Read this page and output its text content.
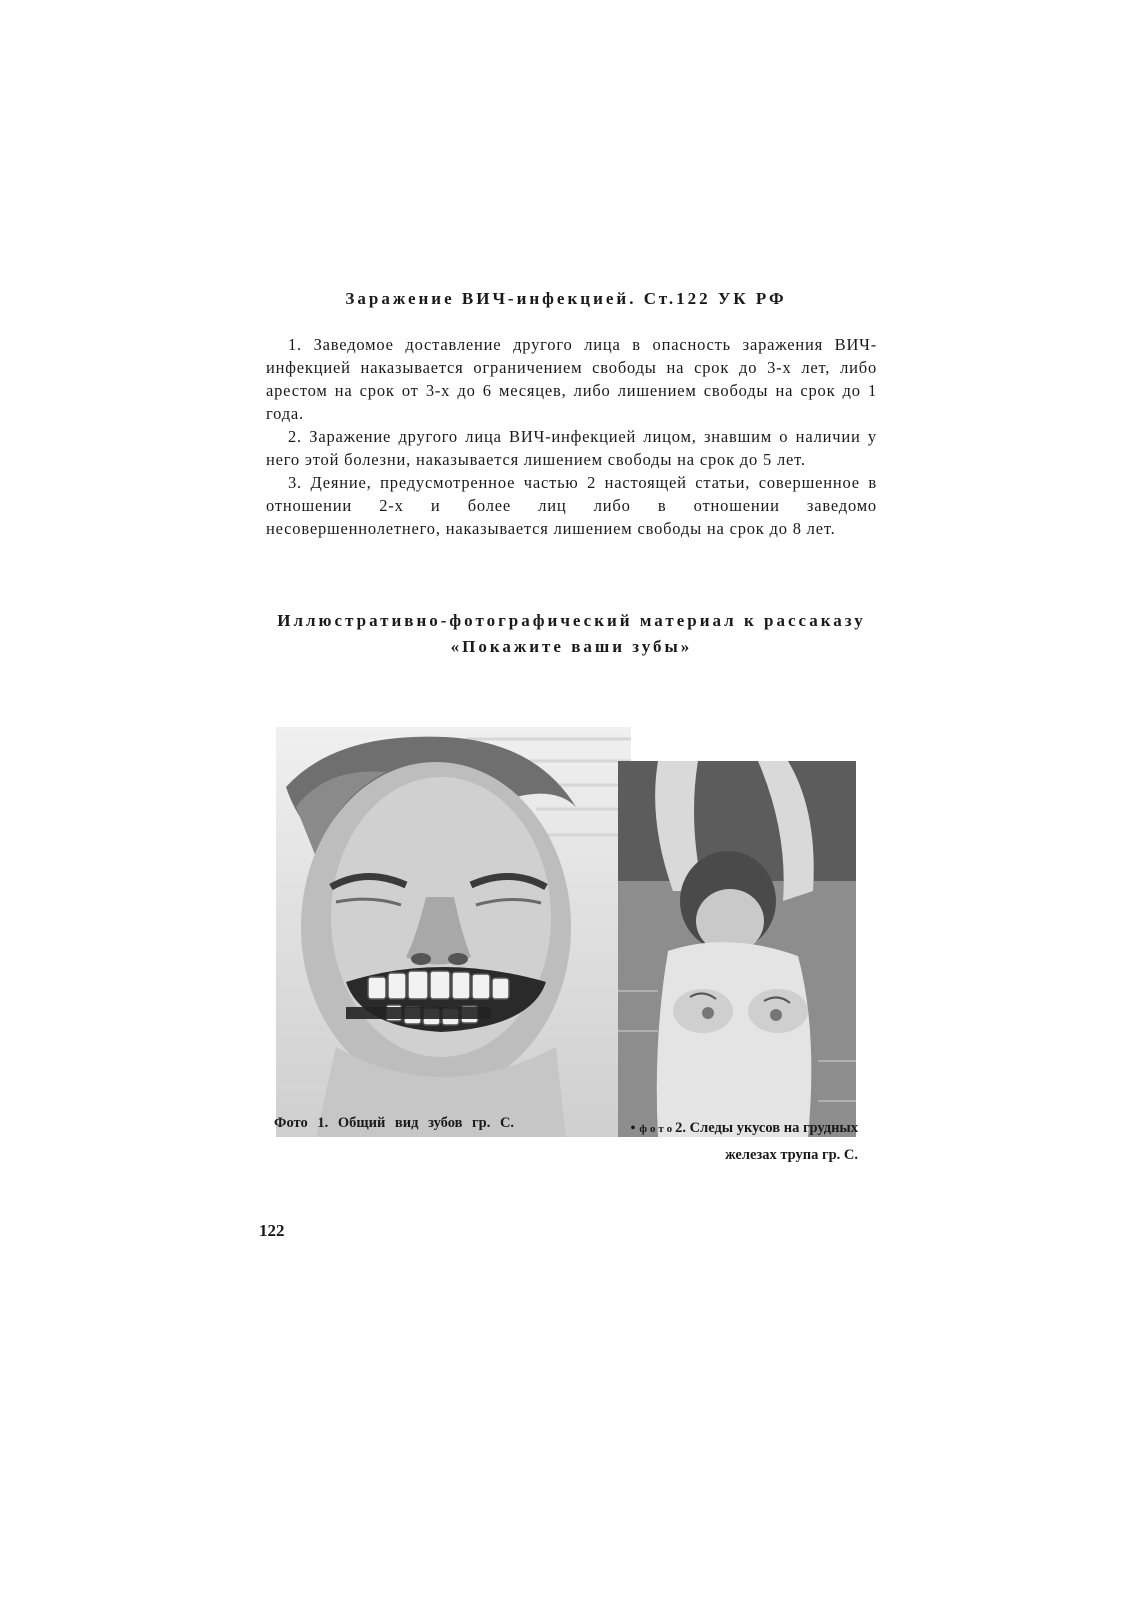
Заражение ВИЧ-инфекцией. Ст.122 УК РФ

1. Заведомое доставление другого лица в опасность заражения ВИЧ-инфекцией наказывается ограничением свободы на срок до 3-х лет, либо арестом на срок от 3-х до 6 месяцев, либо лишением свободы на срок до 1 года.

2. Заражение другого лица ВИЧ-инфекцией лицом, знавшим о наличии у него этой болезни, наказывается лишением свободы на срок до 5 лет.

3. Деяние, предусмотренное частью 2 настоящей статьи, совершенное в отношении 2-х и более лиц либо в отношении заведомо несовершеннолетнего, наказывается лишением свободы на срок до 8 лет.

Иллюстративно-фотографический материал к рассаказу
«Покажите ваши зубы»
Фото 1. Общий вид зубов гр. С.	• фото2. Следы укусов на грудных
железах трупа гр. С.
122
